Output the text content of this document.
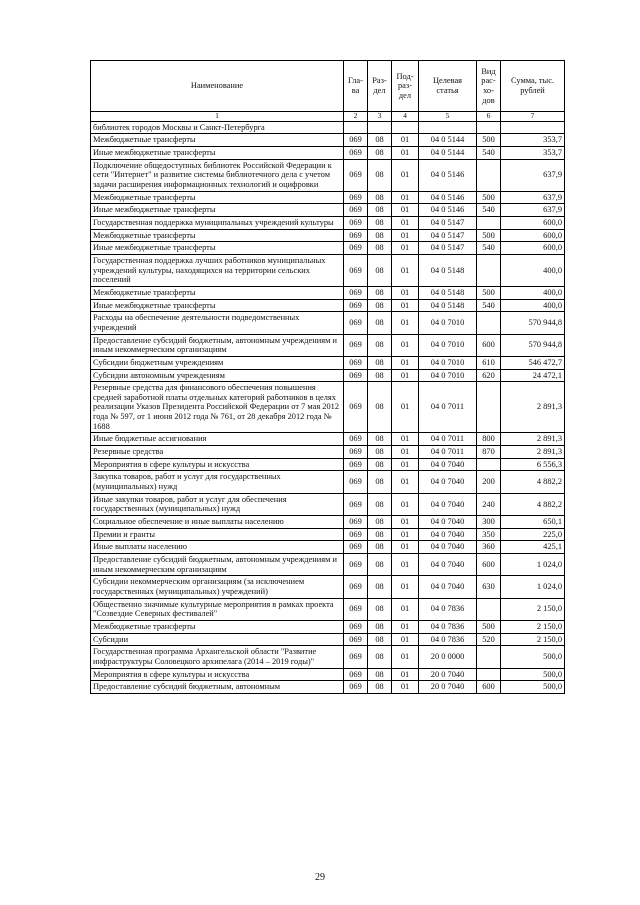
Наименование	Гла-ва	Раз-дел	Под-раз-дел	Целевая статья	Вид рас-хо-дов	Сумма, тыс. рублей
1	2	3	4	5	6	7
библиотек городов Москвы и Санкт-Петербурга						
Межбюджетные трансферты	069	08	01	04 0 5144	500	353,7
Иные межбюджетные трансферты	069	08	01	04 0 5144	540	353,7
Подключение общедоступных библиотек Российской Федерации к сети "Интернет" и развитие системы библиотечного дела с учетом задачи расширения информационных технологий и оцифровки	069	08	01	04 0 5146		637,9
Межбюджетные трансферты	069	08	01	04 0 5146	500	637,9
Иные межбюджетные трансферты	069	08	01	04 0 5146	540	637,9
Государственная поддержка муниципальных учреждений культуры	069	08	01	04 0 5147		600,0
Межбюджетные трансферты	069	08	01	04 0 5147	500	600,0
Иные межбюджетные трансферты	069	08	01	04 0 5147	540	600,0
Государственная поддержка лучших работников муниципальных учреждений культуры, находящихся на территории сельских поселений	069	08	01	04 0 5148		400,0
Межбюджетные трансферты	069	08	01	04 0 5148	500	400,0
Иные межбюджетные трансферты	069	08	01	04 0 5148	540	400,0
Расходы на обеспечение деятельности подведомственных учреждений	069	08	01	04 0 7010		570 944,8
Предоставление субсидий бюджетным, автономным учреждениям и иным некоммерческим организациям	069	08	01	04 0 7010	600	570 944,8
Субсидии бюджетным учреждениям	069	08	01	04 0 7010	610	546 472,7
Субсидии автономным учреждениям	069	08	01	04 0 7010	620	24 472,1
Резервные средства для финансового обеспечения повышения средней заработной платы отдельных категорий работников в целях реализации Указов Президента Российской Федерации от 7 мая 2012 года № 597, от 1 июня 2012 года № 761, от 28 декабря 2012 года № 1688	069	08	01	04 0 7011		2 891,3
Иные бюджетные ассигнования	069	08	01	04 0 7011	800	2 891,3
Резервные средства	069	08	01	04 0 7011	870	2 891,3
Мероприятия в сфере культуры и искусства	069	08	01	04 0 7040		6 556,3
Закупка товаров, работ и услуг для государственных (муниципальных) нужд	069	08	01	04 0 7040	200	4 882,2
Иные закупки товаров, работ и услуг для обеспечения государственных (муниципальных) нужд	069	08	01	04 0 7040	240	4 882,2
Социальное обеспечение и иные выплаты населению	069	08	01	04 0 7040	300	650,1
Премии и гранты	069	08	01	04 0 7040	350	225,0
Иные выплаты населению	069	08	01	04 0 7040	360	425,1
Предоставление субсидий бюджетным, автономным учреждениям и иным некоммерческим организациям	069	08	01	04 0 7040	600	1 024,0
Субсидии некоммерческим организациям (за исключением государственных (муниципальных) учреждений)	069	08	01	04 0 7040	630	1 024,0
Общественно значимые культурные мероприятия в рамках проекта "Созвездие Северных фестивалей"	069	08	01	04 0 7836		2 150,0
Межбюджетные трансферты	069	08	01	04 0 7836	500	2 150,0
Субсидии	069	08	01	04 0 7836	520	2 150,0
Государственная программа Архангельской области "Развитие инфраструктуры Соловецкого архипелага (2014 – 2019 годы)"	069	08	01	20 0 0000		500,0
Мероприятия в сфере культуры и искусства	069	08	01	20 0 7040		500,0
Предоставление субсидий бюджетным, автономным	069	08	01	20 0 7040	600	500,0
29
